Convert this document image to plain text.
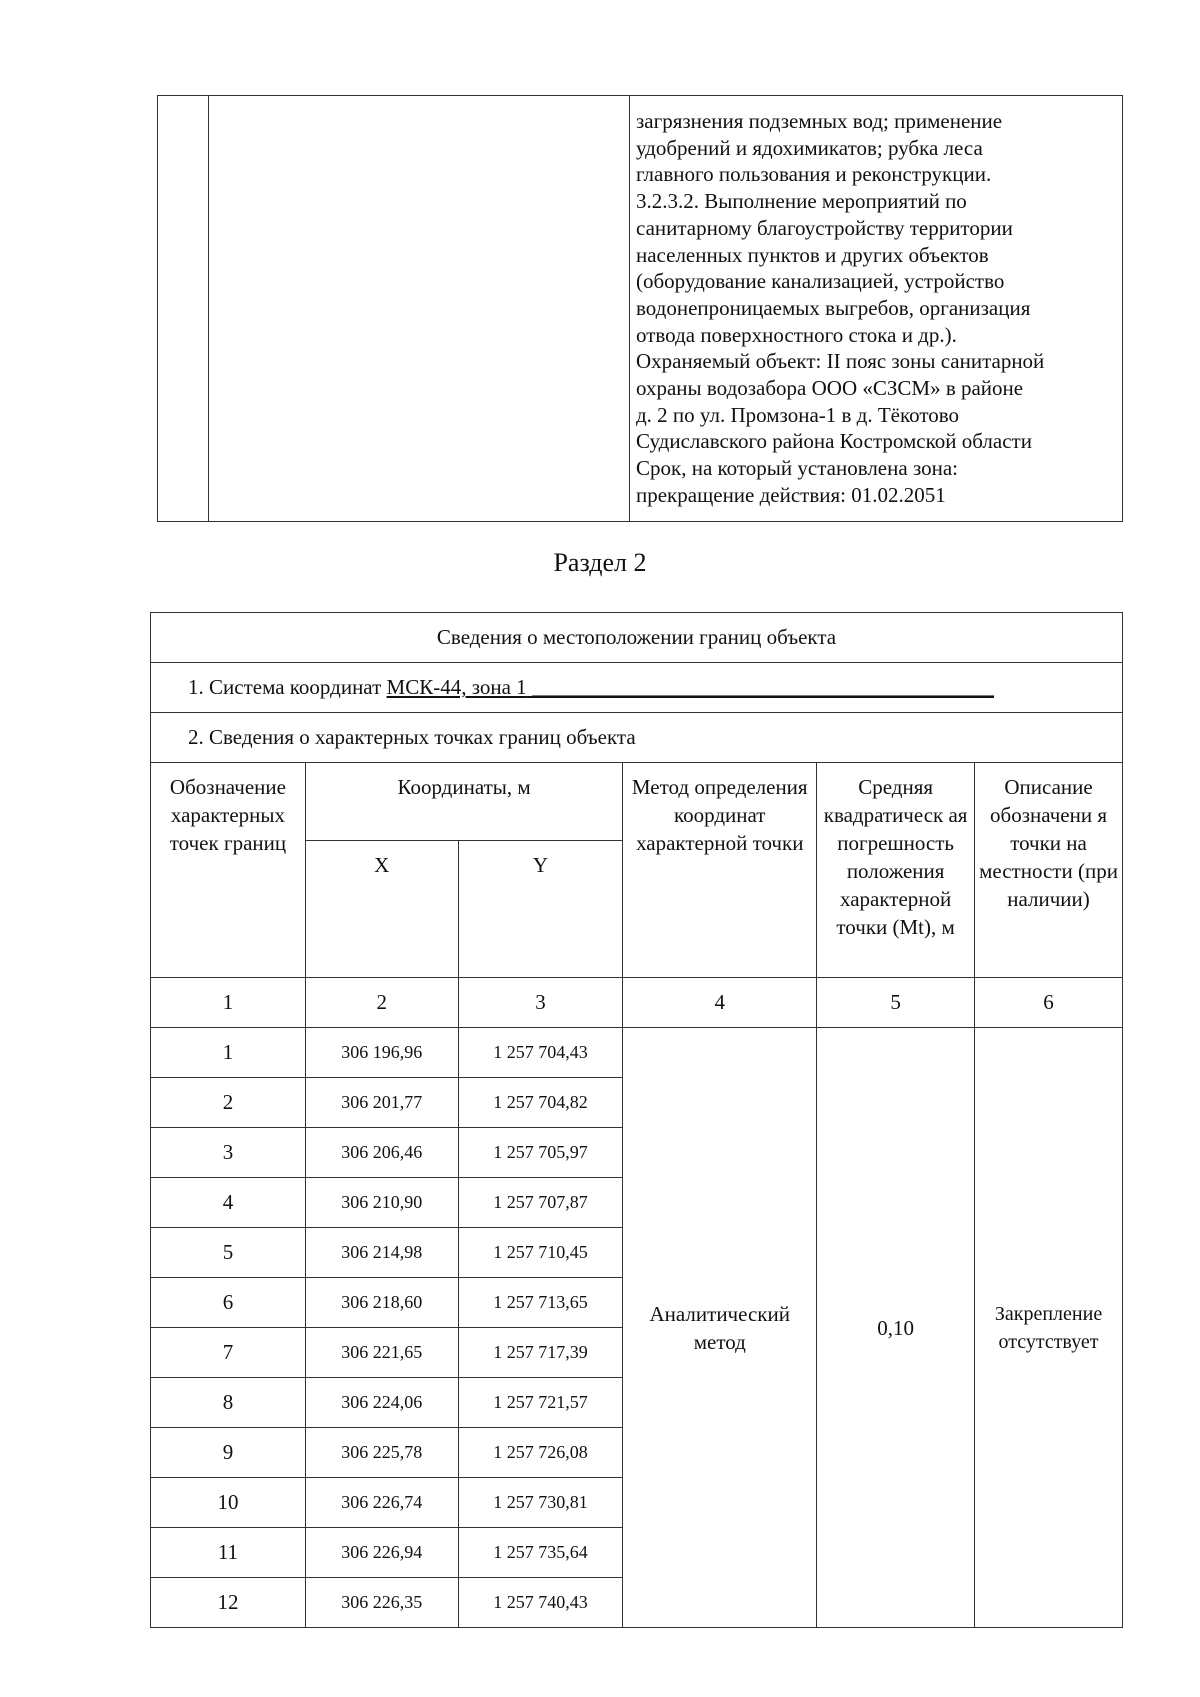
загрязнения подземных вод; применение
удобрений и ядохимикатов; рубка леса
главного пользования и реконструкции.
3.2.3.2. Выполнение мероприятий по
санитарному благоустройству территории
населенных пунктов и других объектов
(оборудование канализацией, устройство
водонепроницаемых выгребов, организация
отвода поверхностного стока и др.).
Охраняемый объект: II пояс зоны санитарной
охраны водозабора ООО «СЗСМ» в районе
д. 2 по ул. Промзона-1 в д. Тёкотово
Судиславского района Костромской области
Срок, на который установлена зона:
прекращение действия: 01.02.2051
Раздел 2
Сведения о местоположении границ объекта					
1. Система координат МСК-44, зона 1 ____________________________________________					
2. Сведения о характерных точках границ объекта					
Обозначение характерных точек границ	Координаты, м		Метод определения координат характерной точки	Средняя квадратическ ая погрешность положения характерной точки (Mt), м	Описание обозначени я точки на местности (при наличии)
	X	Y			
1	2	3	4	5	6
1	306 196,96	1 257 704,43	Аналитический метод	0,10	Закрепление отсутствует
2	306 201,77	1 257 704,82			
3	306 206,46	1 257 705,97			
4	306 210,90	1 257 707,87			
5	306 214,98	1 257 710,45			
6	306 218,60	1 257 713,65			
7	306 221,65	1 257 717,39			
8	306 224,06	1 257 721,57			
9	306 225,78	1 257 726,08			
10	306 226,74	1 257 730,81			
11	306 226,94	1 257 735,64			
12	306 226,35	1 257 740,43			
